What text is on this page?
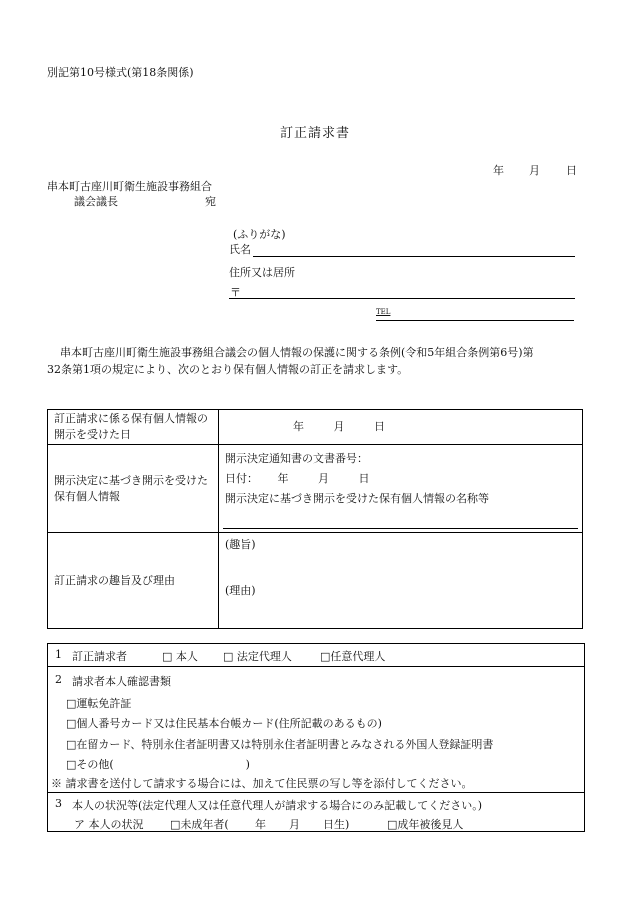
別記第10号様式(第18条関係)
訂正請求書
年 月 日
串本町古座川町衛生施設事務組合
議会議長	宛
(ふりがな)
氏名
住所又は居所
〒
TEL
串本町古座川町衛生施設事務組合議会の個人情報の保護に関する条例(令和5年組合条例第6号)第
32条第1項の規定により、次のとおり保有個人情報の訂正を請求します。
訂正請求に係る保有個人情報の開示を受けた日	年 月 日
開示決定に基づき開示を受けた保有個人情報	開示決定通知書の文書番号：
日付： 年 月 日
開示決定に基づき開示を受けた保有個人情報の名称等

訂正請求の趣旨及び理由	(趣旨)
(理由)
1 訂正請求者	□ 本人 □ 法定代理人	□任意代理人
2 請求者本人確認書類
□運転免許証
□個人番号カード又は住民基本台帳カード(住所記載のあるもの)
□在留カード、特別永住者証明書又は特別永住者証明書とみなされる外国人登録証明書
□その他(　　　　　　　　　　　　)
※ 請求書を送付して請求する場合には、加えて住民票の写し等を添付してください。
3 本人の状況等(法定代理人又は任意代理人が請求する場合にのみ記載してください。)
ア 本人の状況 □未成年者( 年 月 日生)	□成年被後見人
